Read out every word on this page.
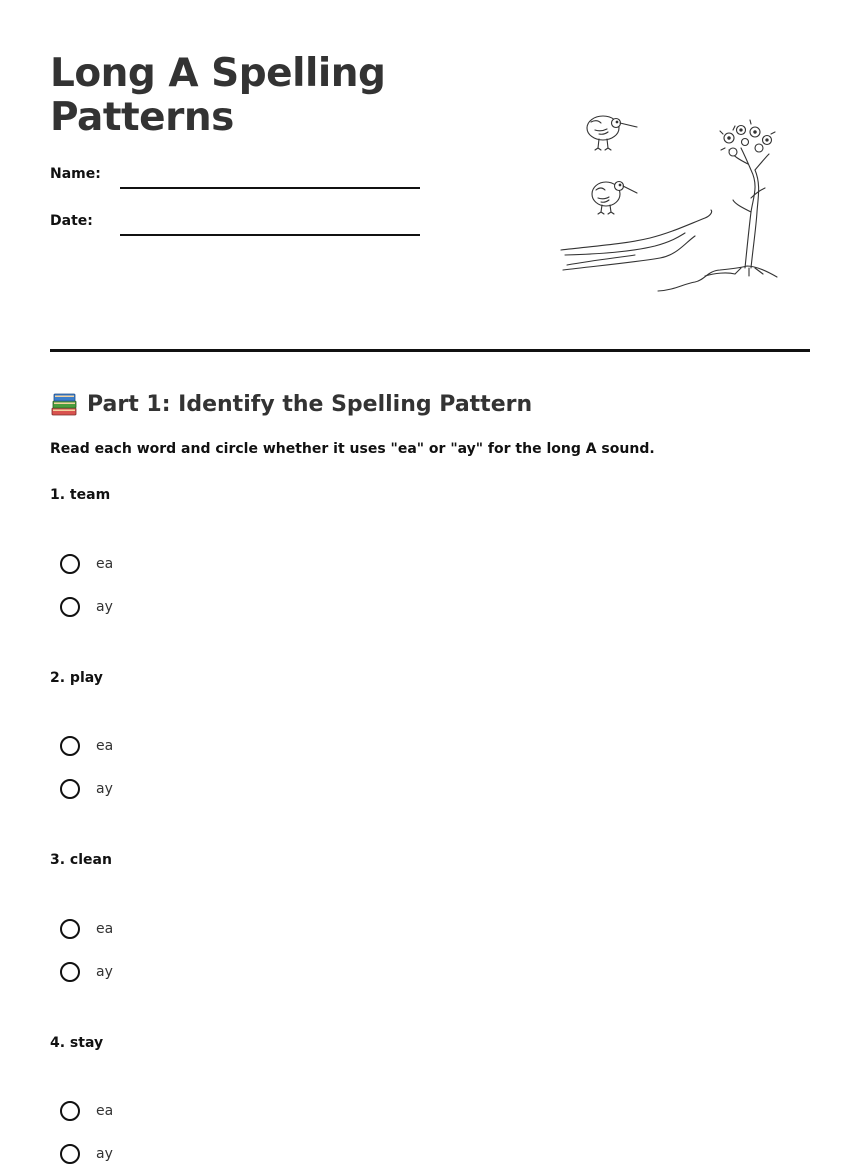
Long A Spelling Patterns
Name:
Date:
Part 1: Identify the Spelling Pattern
Read each word and circle whether it uses "ea" or "ay" for the long A sound.
1. team
ea
ay
2. play
ea
ay
3. clean
ea
ay
4. stay
ea
ay
